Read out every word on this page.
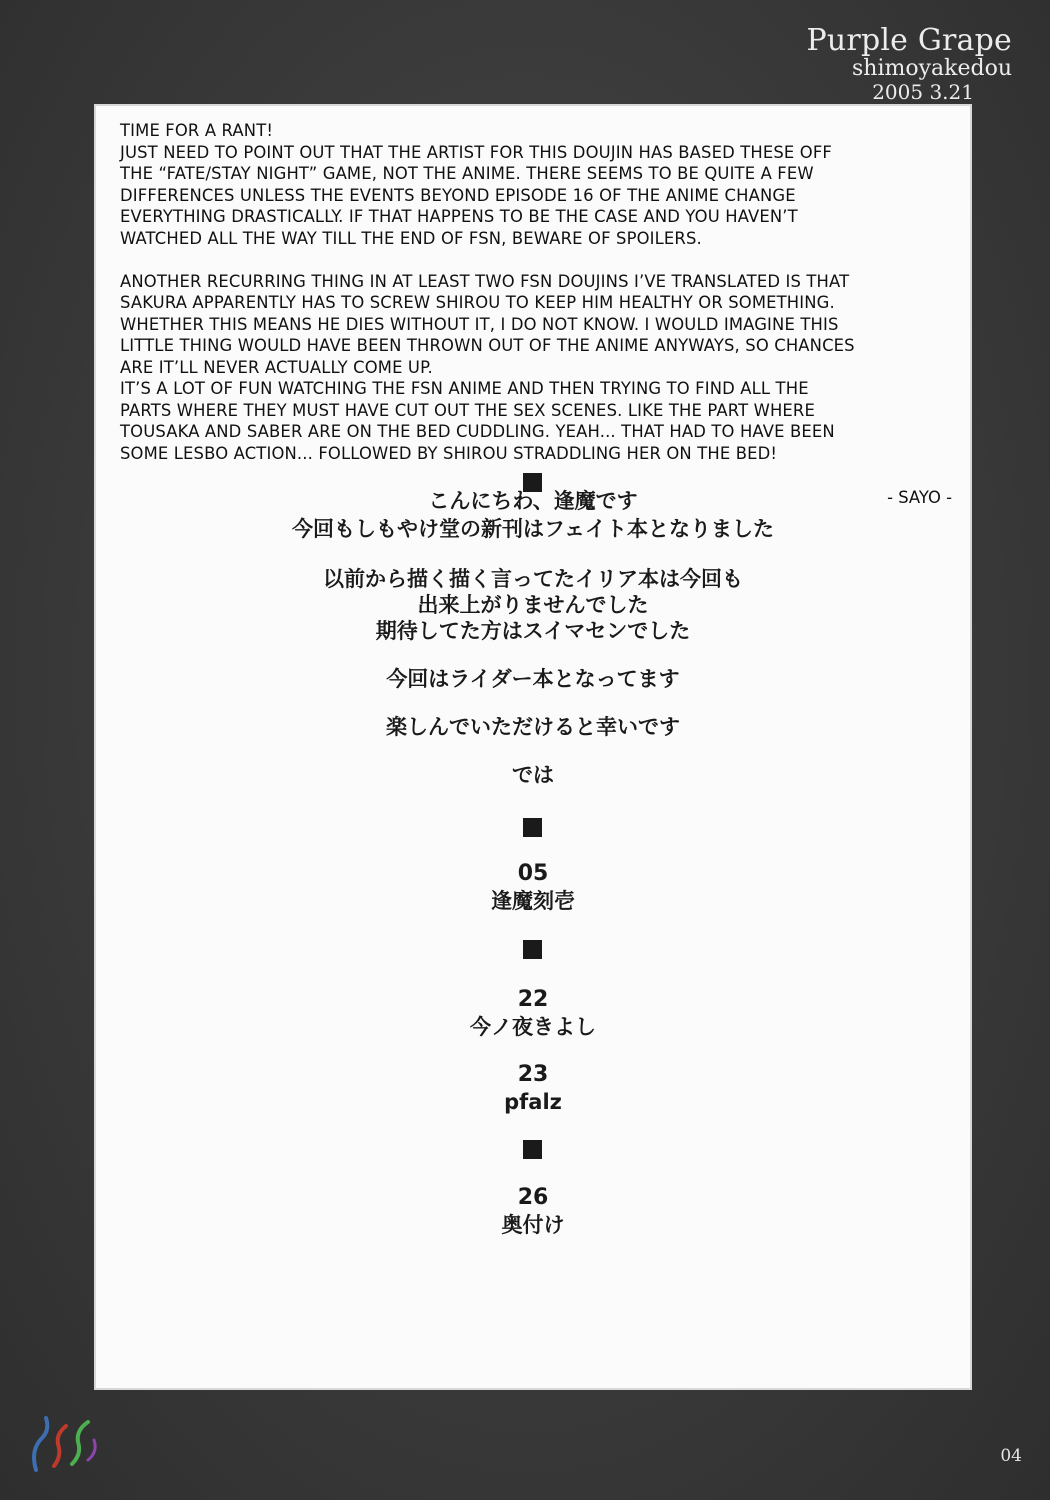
Purple Grape
shimoyakedou
2005 3.21

TIME FOR A RANT!

JUST NEED TO POINT OUT THAT THE ARTIST FOR THIS DOUJIN HAS BASED THESE OFF
THE “FATE/STAY NIGHT” GAME, NOT THE ANIME. THERE SEEMS TO BE QUITE A FEW
DIFFERENCES UNLESS THE EVENTS BEYOND EPISODE 16 OF THE ANIME CHANGE
EVERYTHING DRASTICALLY. IF THAT HAPPENS TO BE THE CASE AND YOU HAVEN’T
WATCHED ALL THE WAY TILL THE END OF FSN, BEWARE OF SPOILERS.

ANOTHER RECURRING THING IN AT LEAST TWO FSN DOUJINS I’VE TRANSLATED IS THAT
SAKURA APPARENTLY HAS TO SCREW SHIROU TO KEEP HIM HEALTHY OR SOMETHING.
WHETHER THIS MEANS HE DIES WITHOUT IT, I DO NOT KNOW. I WOULD IMAGINE THIS
LITTLE THING WOULD HAVE BEEN THROWN OUT OF THE ANIME ANYWAYS, SO CHANCES
ARE IT’LL NEVER ACTUALLY COME UP.

IT’S A LOT OF FUN WATCHING THE FSN ANIME AND THEN TRYING TO FIND ALL THE
PARTS WHERE THEY MUST HAVE CUT OUT THE SEX SCENES. LIKE THE PART WHERE
TOUSAKA AND SABER ARE ON THE BED CUDDLING. YEAH... THAT HAD TO HAVE BEEN
SOME LESBO ACTION... FOLLOWED BY SHIROU STRADDLING HER ON THE BED!

- SAYO -
こんにちわ、逢魔です
今回もしもやけ堂の新刊はフェイト本となりました
以前から描く描く言ってたイリア本は今回も
出来上がりませんでした
期待してた方はスイマセンでした
今回はライダー本となってます
楽しんでいただけると幸いです
では
05
逢魔刻壱
22
今ノ夜きよし
23
pfalz
26
奥付け
04
